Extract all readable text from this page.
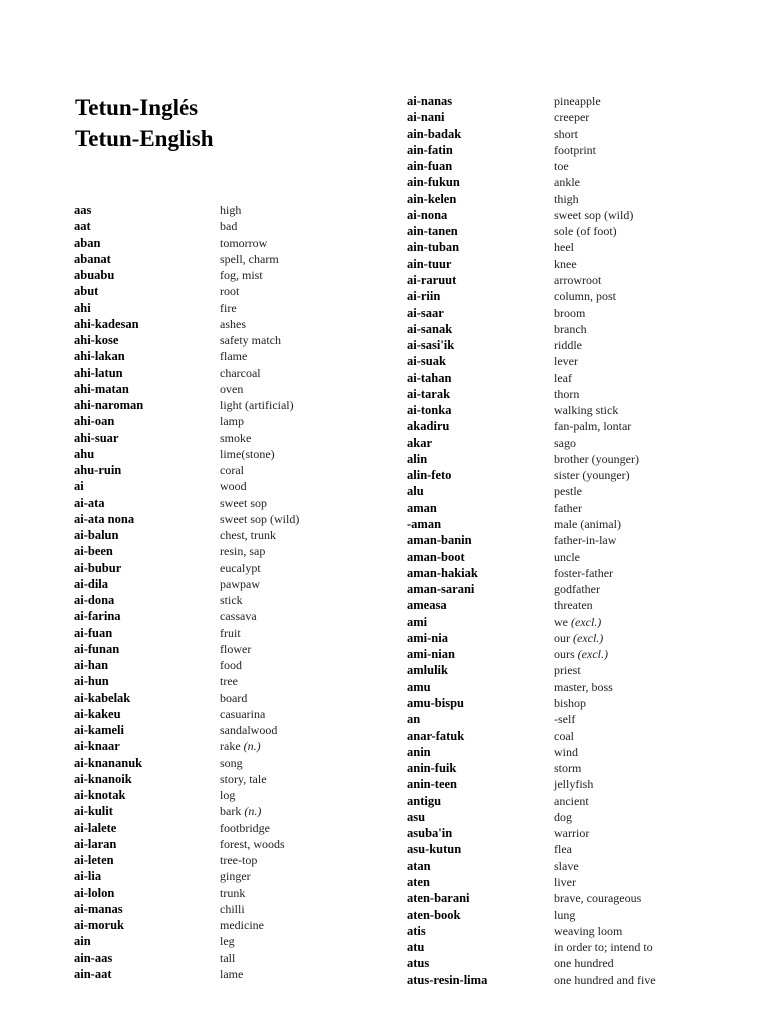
Tetun-Inglés
Tetun-English
aas	high
aat	bad
aban	tomorrow
abanat	spell, charm
abuabu	fog, mist
abut	root
ahi	fire
ahi-kadesan	ashes
ahi-kose	safety match
ahi-lakan	flame
ahi-latun	charcoal
ahi-matan	oven
ahi-naroman	light (artificial)
ahi-oan	lamp
ahi-suar	smoke
ahu	lime(stone)
ahu-ruin	coral
ai	wood
ai-ata	sweet sop
ai-ata nona	sweet sop (wild)
ai-balun	chest, trunk
ai-been	resin, sap
ai-bubur	eucalypt
ai-dila	pawpaw
ai-dona	stick
ai-farina	cassava
ai-fuan	fruit
ai-funan	flower
ai-han	food
ai-hun	tree
ai-kabelak	board
ai-kakeu	casuarina
ai-kameli	sandalwood
ai-knaar	rake (n.)
ai-knananuk	song
ai-knanoik	story, tale
ai-knotak	log
ai-kulit	bark (n.)
ai-lalete	footbridge
ai-laran	forest, woods
ai-leten	tree-top
ai-lia	ginger
ai-lolon	trunk
ai-manas	chilli
ai-moruk	medicine
ain	leg
ain-aas	tall
ain-aat	lame
ai-nanas	pineapple
ai-nani	creeper
ain-badak	short
ain-fatin	footprint
ain-fuan	toe
ain-fukun	ankle
ain-kelen	thigh
ai-nona	sweet sop (wild)
ain-tanen	sole (of foot)
ain-tuban	heel
ain-tuur	knee
ai-raruut	arrowroot
ai-riin	column, post
ai-saar	broom
ai-sanak	branch
ai-sasi'ik	riddle
ai-suak	lever
ai-tahan	leaf
ai-tarak	thorn
ai-tonka	walking stick
akadiru	fan-palm, lontar
akar	sago
alin	brother (younger)
alin-feto	sister (younger)
alu	pestle
aman	father
-aman	male (animal)
aman-banin	father-in-law
aman-boot	uncle
aman-hakiak	foster-father
aman-sarani	godfather
ameasa	threaten
ami	we (excl.)
ami-nia	our (excl.)
ami-nian	ours (excl.)
amlulik	priest
amu	master, boss
amu-bispu	bishop
an	-self
anar-fatuk	coal
anin	wind
anin-fuik	storm
anin-teen	jellyfish
antigu	ancient
asu	dog
asuba'in	warrior
asu-kutun	flea
atan	slave
aten	liver
aten-barani	brave, courageous
aten-book	lung
atis	weaving loom
atu	in order to; intend to
atus	one hundred
atus-resin-lima	one hundred and five
